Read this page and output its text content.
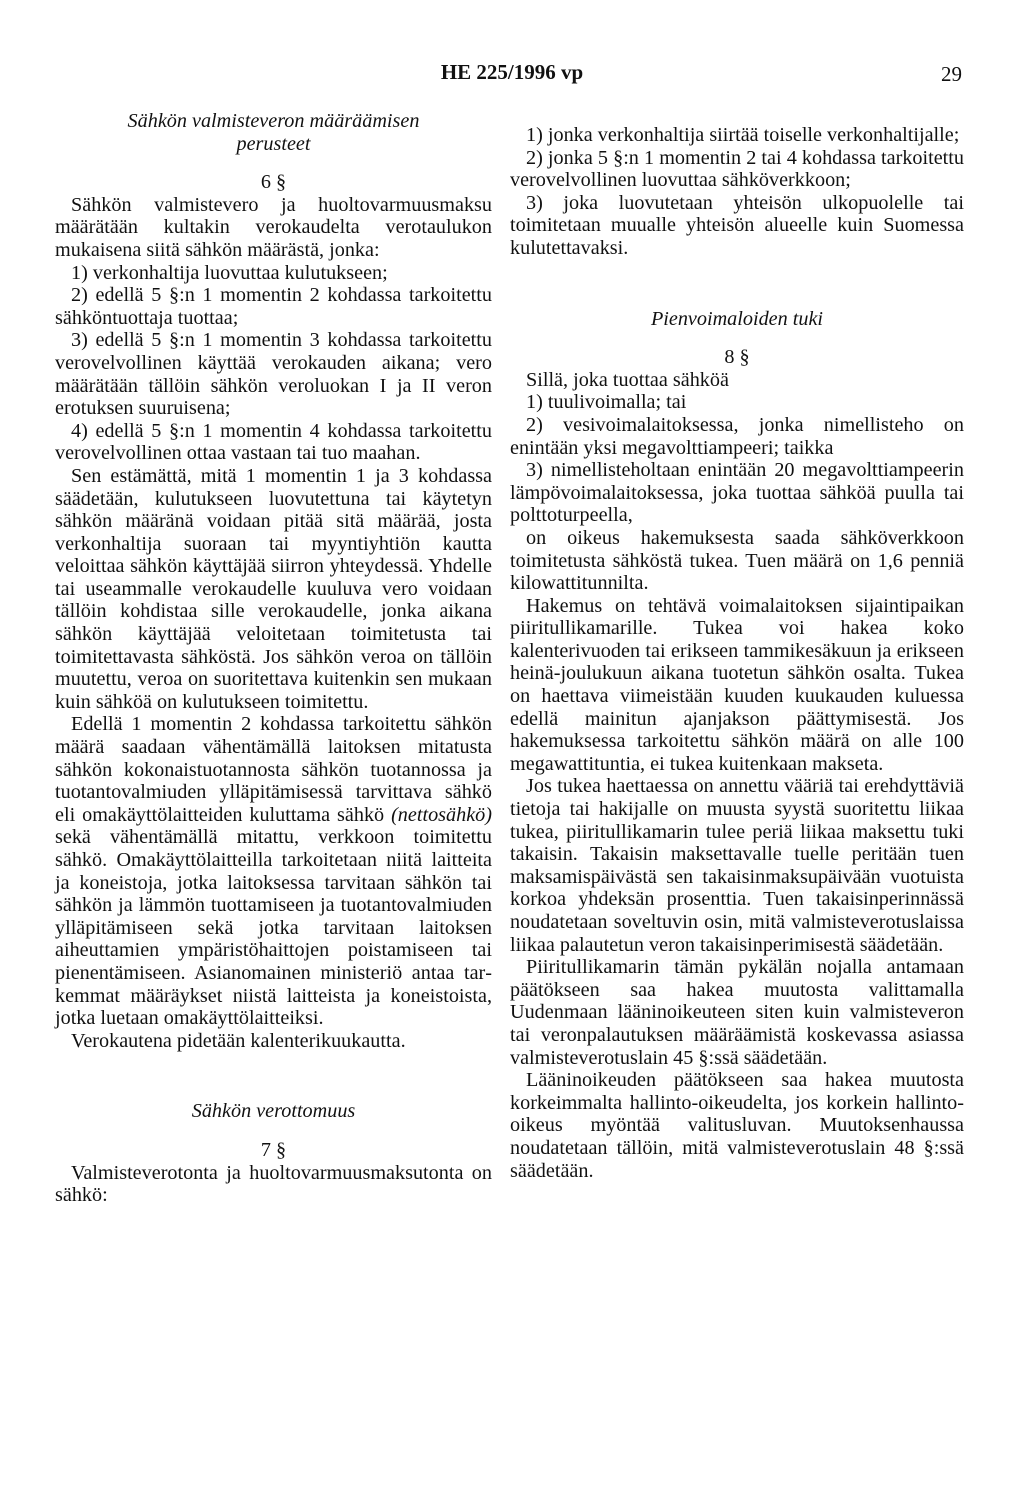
HE 225/1996 vp	29

Sähkön valmisteveron määräämisen perusteet

6 §

Sähkön valmistevero ja huoltovarmuusmaksu määrätään kultakin verokaudelta verotaulukon mukaisena siitä sähkön määrästä, jonka:

1) verkonhaltija luovuttaa kulutukseen;

2) edellä 5 §:n 1 momentin 2 kohdassa tarkoitettu sähköntuottaja tuottaa;

3) edellä 5 §:n 1 momentin 3 kohdassa tarkoitettu verovelvollinen käyttää verokauden aikana; vero määrätään tällöin sähkön veroluokan I ja II veron erotuksen suuruisena;

4) edellä 5 §:n 1 momentin 4 kohdassa tarkoitettu verovelvollinen ottaa vastaan tai tuo maahan.

Sen estämättä, mitä 1 momentin 1 ja 3 kohdassa säädetään, kulutukseen luovutettuna tai käytetyn sähkön määränä voidaan pitää sitä määrää, josta verkonhaltija suoraan tai myyntiyhtiön kautta veloittaa sähkön käyttäjää siirron yhteydessä. Yhdelle tai useammalle verokaudelle kuuluva vero voidaan tällöin kohdistaa sille verokaudelle, jonka aikana sähkön käyttäjää veloitetaan toimitetusta tai toimitettavasta sähköstä. Jos sähkön veroa on tällöin muutettu, veroa on suoritettava kuitenkin sen mukaan kuin sähköä on kulutukseen toimitettu.

Edellä 1 momentin 2 kohdassa tarkoitettu sähkön määrä saadaan vähentämällä laitoksen mitatusta sähkön kokonaistuotannosta sähkön tuotannossa ja tuotantovalmiuden ylläpitämisessä tarvittava sähkö eli omakäyttölaitteiden kuluttama sähkö (nettosähkö) sekä vähentämällä mitattu, verkkoon toimitettu sähkö. Omakäyttölaitteilla tarkoitetaan niitä laitteita ja koneistoja, jotka laitoksessa tarvitaan sähkön tai sähkön ja lämmön tuottamiseen ja tuotantovalmiuden ylläpitämiseen sekä jotka tarvitaan laitoksen aiheuttamien ympäristöhaittojen poistamiseen tai pienentämiseen. Asianomainen ministeriö antaa tarkemmat määräykset niistä laitteista ja koneistoista, jotka luetaan omakäyttölaitteiksi.

Verokautena pidetään kalenterikuukautta.

Sähkön verottomuus

7 §

Valmisteverotonta ja huoltovarmuusmaksutonta on sähkö:

1) jonka verkonhaltija siirtää toiselle verkonhaltijalle;

2) jonka 5 §:n 1 momentin 2 tai 4 kohdassa tarkoitettu verovelvollinen luovuttaa sähköverkkoon;

3) joka luovutetaan yhteisön ulkopuolelle tai toimitetaan muualle yhteisön alueelle kuin Suomessa kulutettavaksi.

Pienvoimaloiden tuki

8 §

Sillä, joka tuottaa sähköä

1) tuulivoimalla; tai

2) vesivoimalaitoksessa, jonka nimellisteho on enintään yksi megavolttiampeeri; taikka

3) nimellisteholtaan enintään 20 megavolttiampeerin lämpövoimalaitoksessa, joka tuottaa sähköä puulla tai polttoturpeella,

on oikeus hakemuksesta saada sähköverkkoon toimitetusta sähköstä tukea. Tuen määrä on 1,6 penniä kilowattitunnilta.

Hakemus on tehtävä voimalaitoksen sijaintipaikan piiritullikamarille. Tukea voi hakea koko kalenterivuoden tai erikseen tammikesäkuun ja erikseen heinä-joulukuun aikana tuotetun sähkön osalta. Tukea on haettava viimeistään kuuden kuukauden kuluessa edellä mainitun ajanjakson päättymisestä. Jos hakemuksessa tarkoitettu sähkön määrä on alle 100 megawattituntia, ei tukea kuitenkaan makseta.

Jos tukea haettaessa on annettu vääriä tai erehdyttäviä tietoja tai hakijalle on muusta syystä suoritettu liikaa tukea, piiritullikamarin tulee periä liikaa maksettu tuki takaisin. Takaisin maksettavalle tuelle peritään tuen maksamispäivästä sen takaisinmaksupäivään vuotuista korkoa yhdeksän prosenttia. Tuen takaisinperinnässä noudatetaan soveltuvin osin, mitä valmisteverotuslaissa liikaa palautetun veron takaisinperimisestä säädetään.

Piiritullikamarin tämän pykälän nojalla antamaan päätökseen saa hakea muutosta valittamalla Uudenmaan lääninoikeuteen siten kuin valmisteveron tai veronpalautuksen määräämistä koskevassa asiassa valmisteverotuslain 45 §:ssä säädetään.

Lääninoikeuden päätökseen saa hakea muutosta korkeimmalta hallinto-oikeudelta, jos korkein hallinto-oikeus myöntää valitusluvan. Muutoksenhaussa noudatetaan tällöin, mitä valmisteverotuslain 48 §:ssä säädetään.
